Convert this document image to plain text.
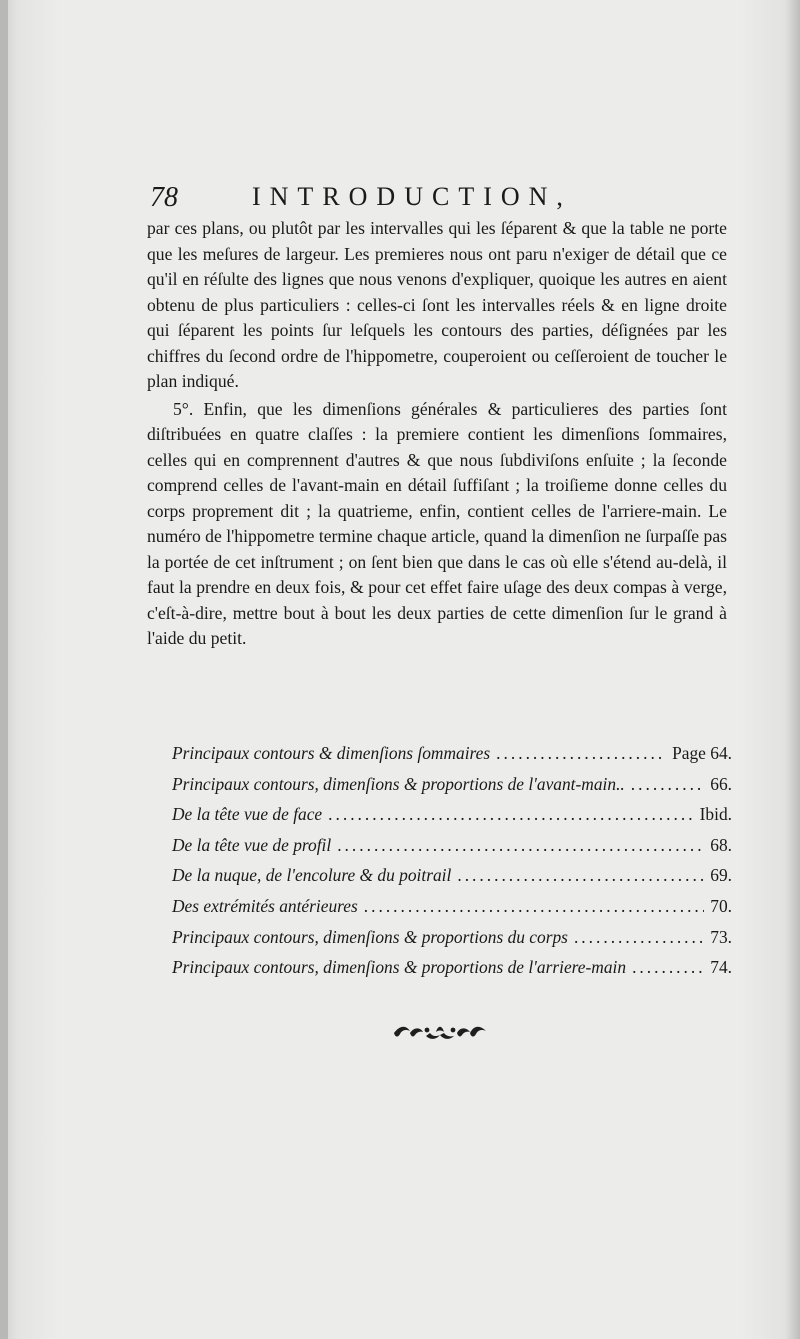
78	INTRODUCTION,

par ces plans, ou plutôt par les intervalles qui les ſéparent & que la table ne porte que les meſures de largeur. Les premieres nous ont paru n'exiger de détail que ce qu'il en réſulte des lignes que nous venons d'expliquer, quoique les autres en aient obtenu de plus particuliers : celles-ci ſont les intervalles réels & en ligne droite qui ſéparent les points ſur leſquels les contours des parties, déſignées par les chiffres du ſecond ordre de l'hippometre, couperoient ou ceſſeroient de toucher le plan indiqué.

5°. Enfin, que les dimenſions générales & particulieres des parties ſont diſtribuées en quatre claſſes : la premiere contient les dimenſions ſommaires, celles qui en comprennent d'autres & que nous ſubdiviſons enſuite ; la ſeconde comprend celles de l'avant-main en détail ſuffiſant ; la troiſieme donne celles du corps proprement dit ; la quatrieme, enfin, contient celles de l'arriere-main. Le numéro de l'hippometre termine chaque article, quand la dimenſion ne ſurpaſſe pas la portée de cet inſtrument ; on ſent bien que dans le cas où elle s'étend au-delà, il faut la prendre en deux fois, & pour cet effet faire uſage des deux compas à verge, c'eſt-à-dire, mettre bout à bout les deux parties de cette dimenſion ſur le grand à l'aide du petit.

Principaux contours & dimenſions ſommaires .....	Page 64.
Principaux contours, dimenſions & proportions de l'avant-main.. .....	66.
De la tête vue de face .....	Ibid.
De la tête vue de profil .....	68.
De la nuque, de l'encolure & du poitrail .....	69.
Des extrémités antérieures .....	70.
Principaux contours, dimenſions & proportions du corps .....	73.
Principaux contours, dimenſions & proportions de l'arriere-main .....	74.
